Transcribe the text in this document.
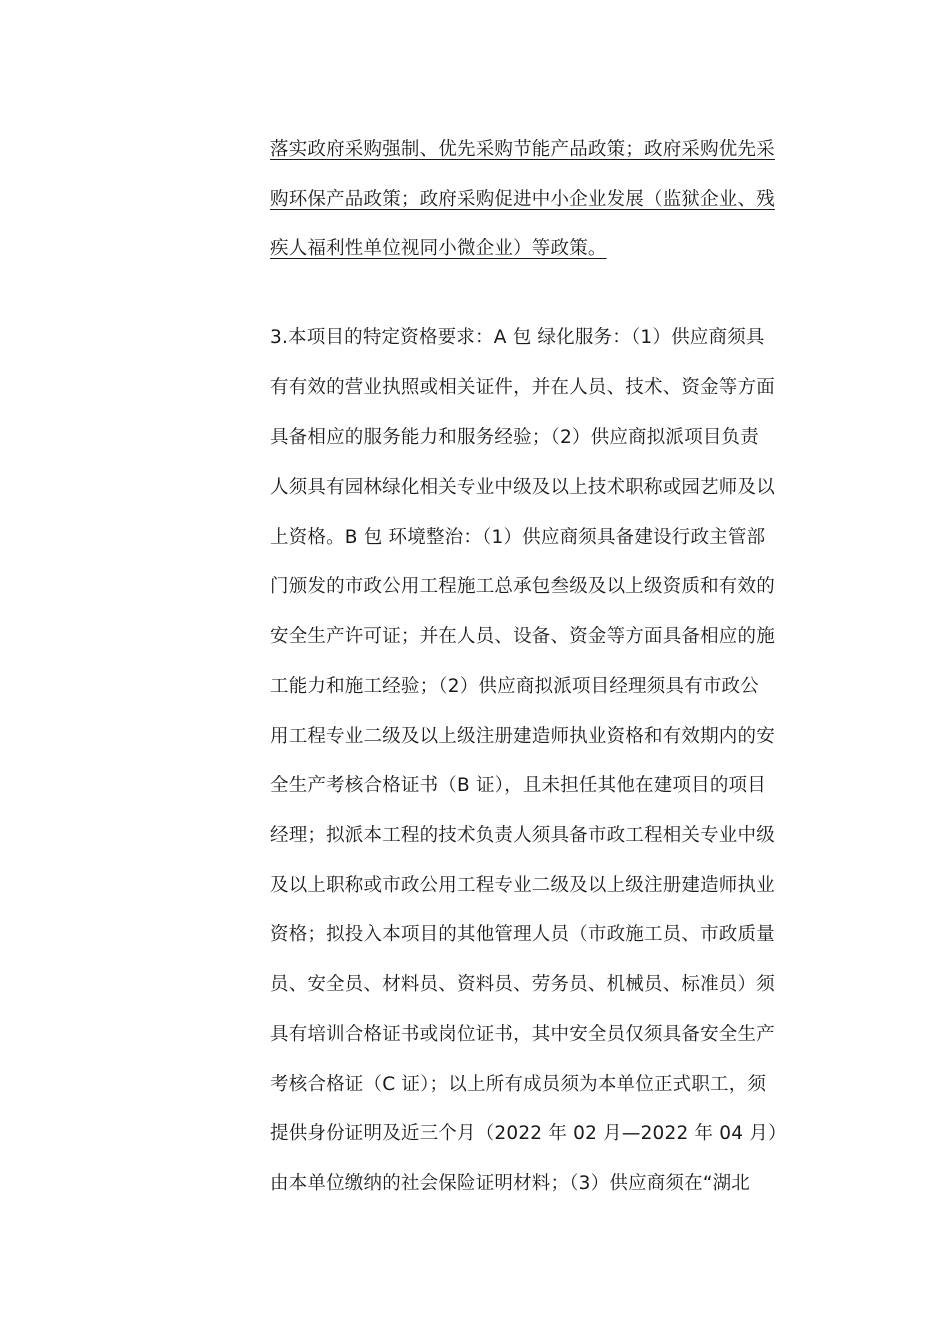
落实政府采购强制、优先采购节能产品政策；政府采购优先采
购环保产品政策；政府采购促进中小企业发展（监狱企业、残
疾人福利性单位视同小微企业）等政策。
3.本项目的特定资格要求：A 包 绿化服务：（1）供应商须具
有有效的营业执照或相关证件，并在人员、技术、资金等方面
具备相应的服务能力和服务经验；（2）供应商拟派项目负责
人须具有园林绿化相关专业中级及以上技术职称或园艺师及以
上资格。B 包 环境整治：（1）供应商须具备建设行政主管部
门颁发的市政公用工程施工总承包叁级及以上级资质和有效的
安全生产许可证；并在人员、设备、资金等方面具备相应的施
工能力和施工经验；（2）供应商拟派项目经理须具有市政公
用工程专业二级及以上级注册建造师执业资格和有效期内的安
全生产考核合格证书（B 证），且未担任其他在建项目的项目
经理；拟派本工程的技术负责人须具备市政工程相关专业中级
及以上职称或市政公用工程专业二级及以上级注册建造师执业
资格；拟投入本项目的其他管理人员（市政施工员、市政质量
员、安全员、材料员、资料员、劳务员、机械员、标准员）须
具有培训合格证书或岗位证书，其中安全员仅须具备安全生产
考核合格证（C 证）；以上所有成员须为本单位正式职工，须
提供身份证明及近三个月（2022 年 02 月—2022 年 04 月）
由本单位缴纳的社会保险证明材料；（3）供应商须在“湖北
